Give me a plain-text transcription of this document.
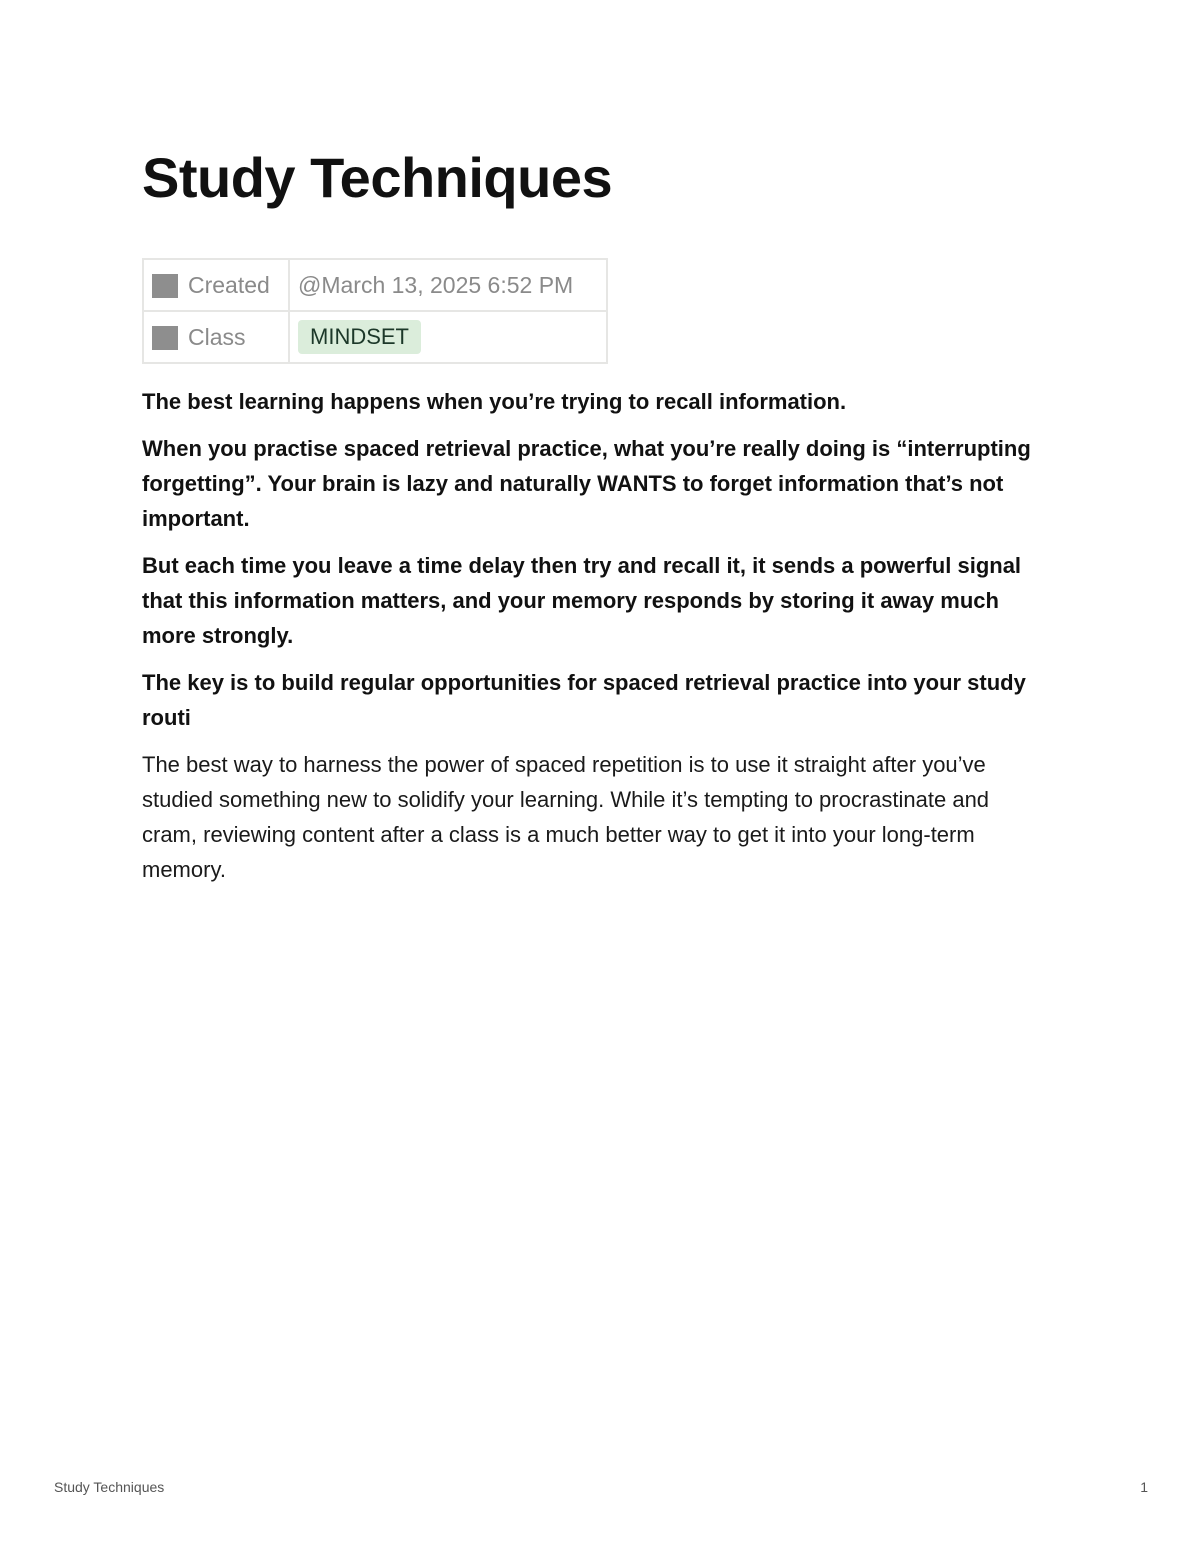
Study Techniques
Created	@March 13, 2025 6:52 PM
Class	MINDSET

The best learning happens when you’re trying to recall information.

When you practise spaced retrieval practice, what you’re really doing is “interrupting forgetting”. Your brain is lazy and naturally WANTS to forget information that’s not important.

But each time you leave a time delay then try and recall it, it sends a powerful signal that this information matters, and your memory responds by storing it away much more strongly.

The key is to build regular opportunities for spaced retrieval practice into your study routi

The best way to harness the power of spaced repetition is to use it straight after you’ve studied something new to solidify your learning. While it’s tempting to procrastinate and cram, reviewing content after a class is a much better way to get it into your long-term memory.

Study Techniques	1
